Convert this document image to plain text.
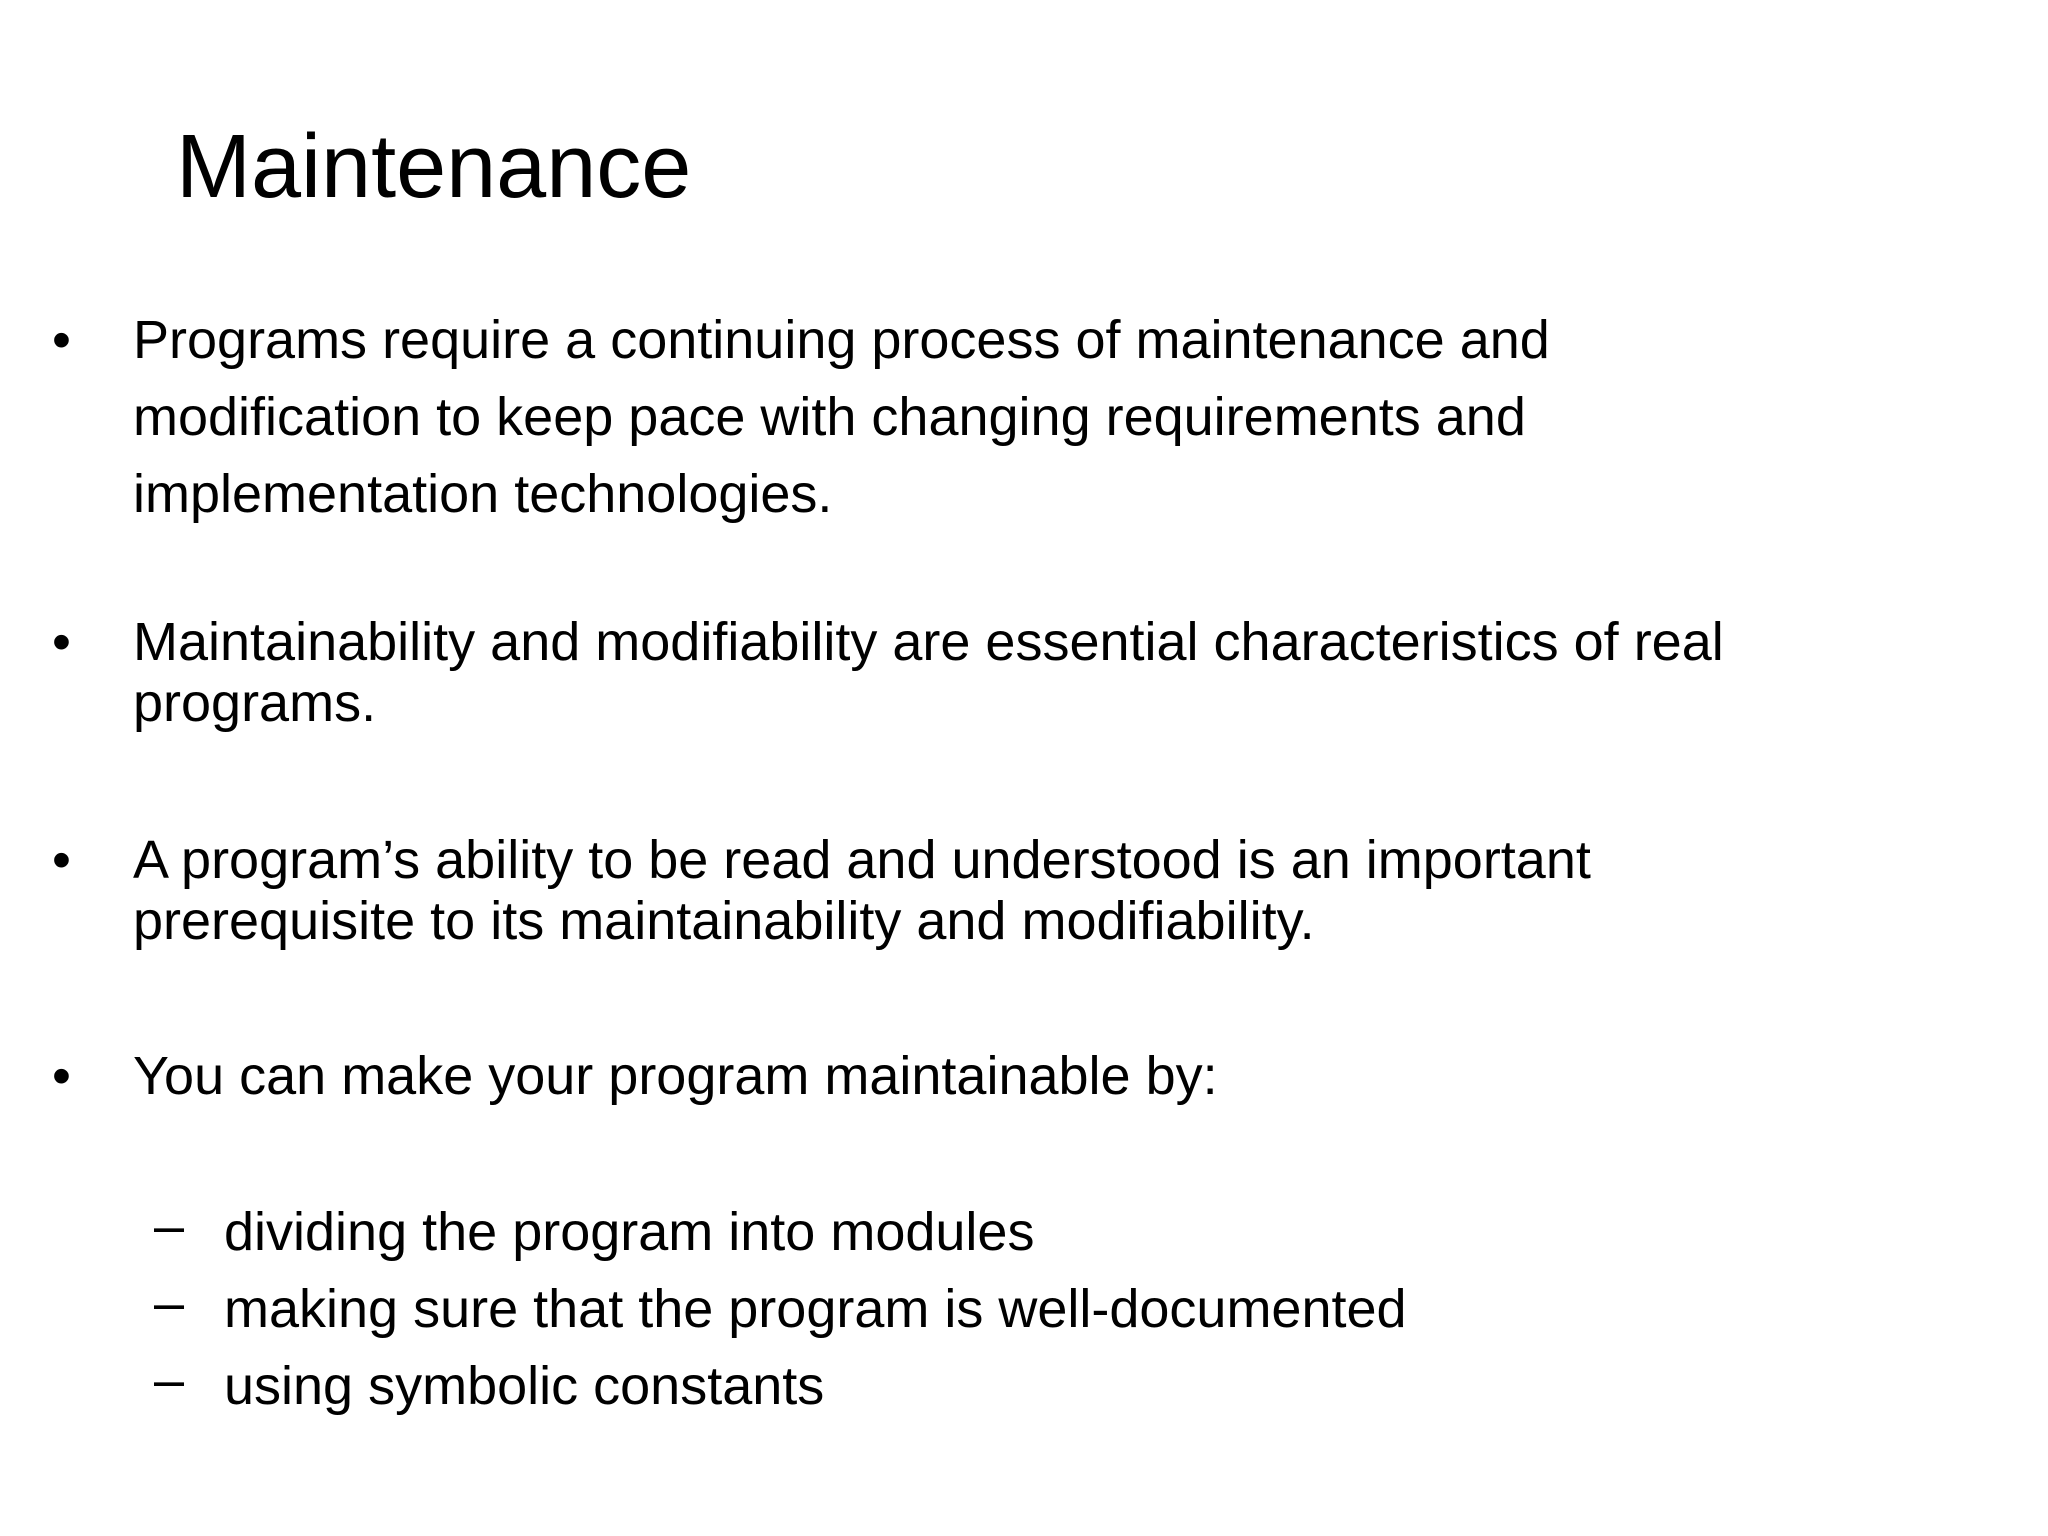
Maintenance
•	Programs require a continuing process of maintenance and
modification to keep pace with changing requirements and
implementation technologies.
•	Maintainability and modifiability are essential characteristics of real
programs.
•	A program’s ability to be read and understood is an important
prerequisite to its maintainability and modifiability.
•	You can make your program maintainable by:
– dividing the program into modules
– making sure that the program is well-documented
– using symbolic constants
